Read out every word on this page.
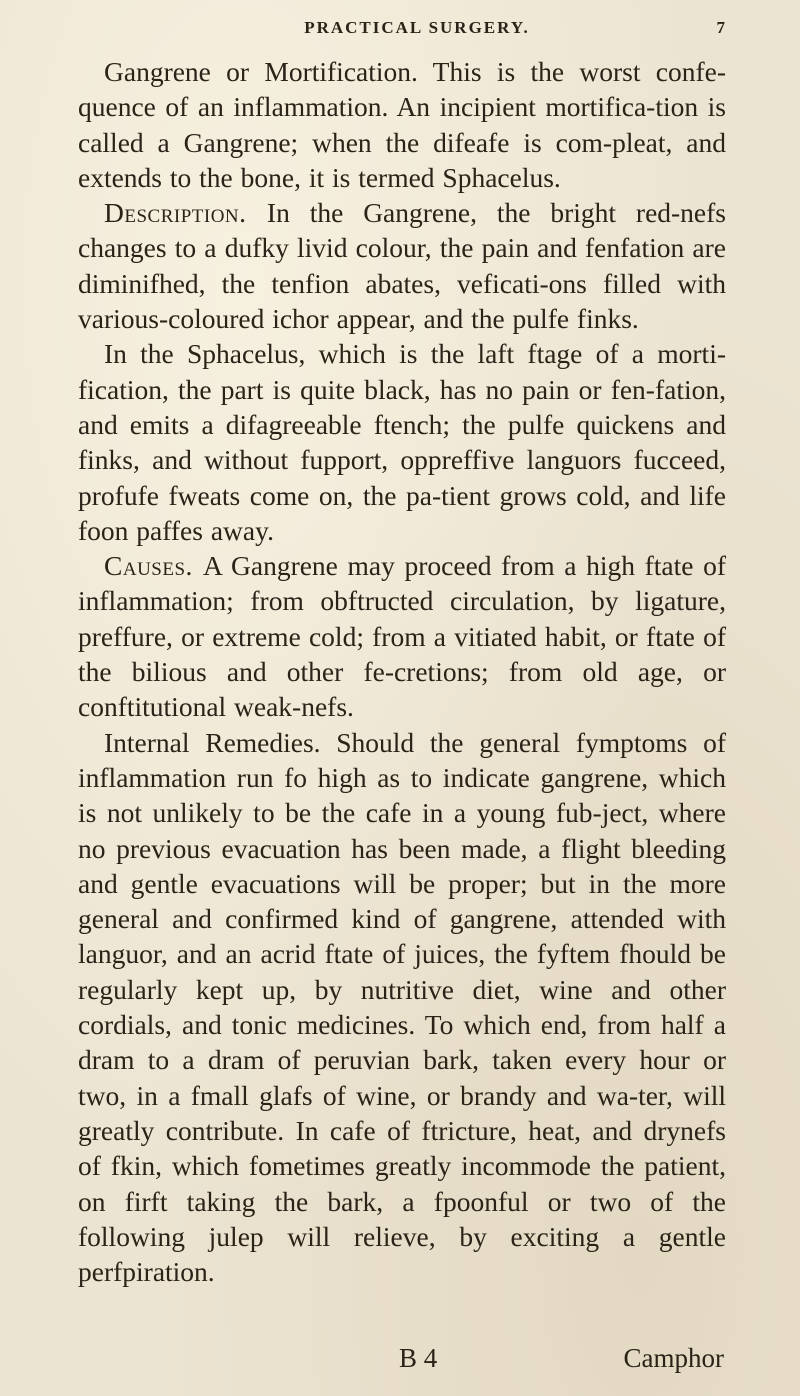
PRACTICAL SURGERY.	7

Gangrene or Mortification. This is the worst confe-quence of an inflammation. An incipient mortifica-tion is called a Gangrene; when the difeafe is com-pleat, and extends to the bone, it is termed Sphacelus.

Description. In the Gangrene, the bright red-nefs changes to a dufky livid colour, the pain and fenfation are diminifhed, the tenfion abates, veficati-ons filled with various-coloured ichor appear, and the pulfe finks.

In the Sphacelus, which is the laft ftage of a morti-fication, the part is quite black, has no pain or fen-fation, and emits a difagreeable ftench; the pulfe quickens and finks, and without fupport, oppreffive languors fucceed, profufe fweats come on, the pa-tient grows cold, and life foon paffes away.

Causes. A Gangrene may proceed from a high ftate of inflammation; from obftructed circulation, by ligature, preffure, or extreme cold; from a vitiated habit, or ftate of the bilious and other fe-cretions; from old age, or conftitutional weak-nefs.

Internal Remedies. Should the general fymptoms of inflammation run fo high as to indicate gangrene, which is not unlikely to be the cafe in a young fub-ject, where no previous evacuation has been made, a flight bleeding and gentle evacuations will be proper; but in the more general and confirmed kind of gangrene, attended with languor, and an acrid ftate of juices, the fyftem fhould be regularly kept up, by nutritive diet, wine and other cordials, and tonic medicines. To which end, from half a dram to a dram of peruvian bark, taken every hour or two, in a fmall glafs of wine, or brandy and wa-ter, will greatly contribute. In cafe of ftricture, heat, and drynefs of fkin, which fometimes greatly incommode the patient, on firft taking the bark, a fpoonful or two of the following julep will relieve, by exciting a gentle perfpiration.

B 4	Camphor
